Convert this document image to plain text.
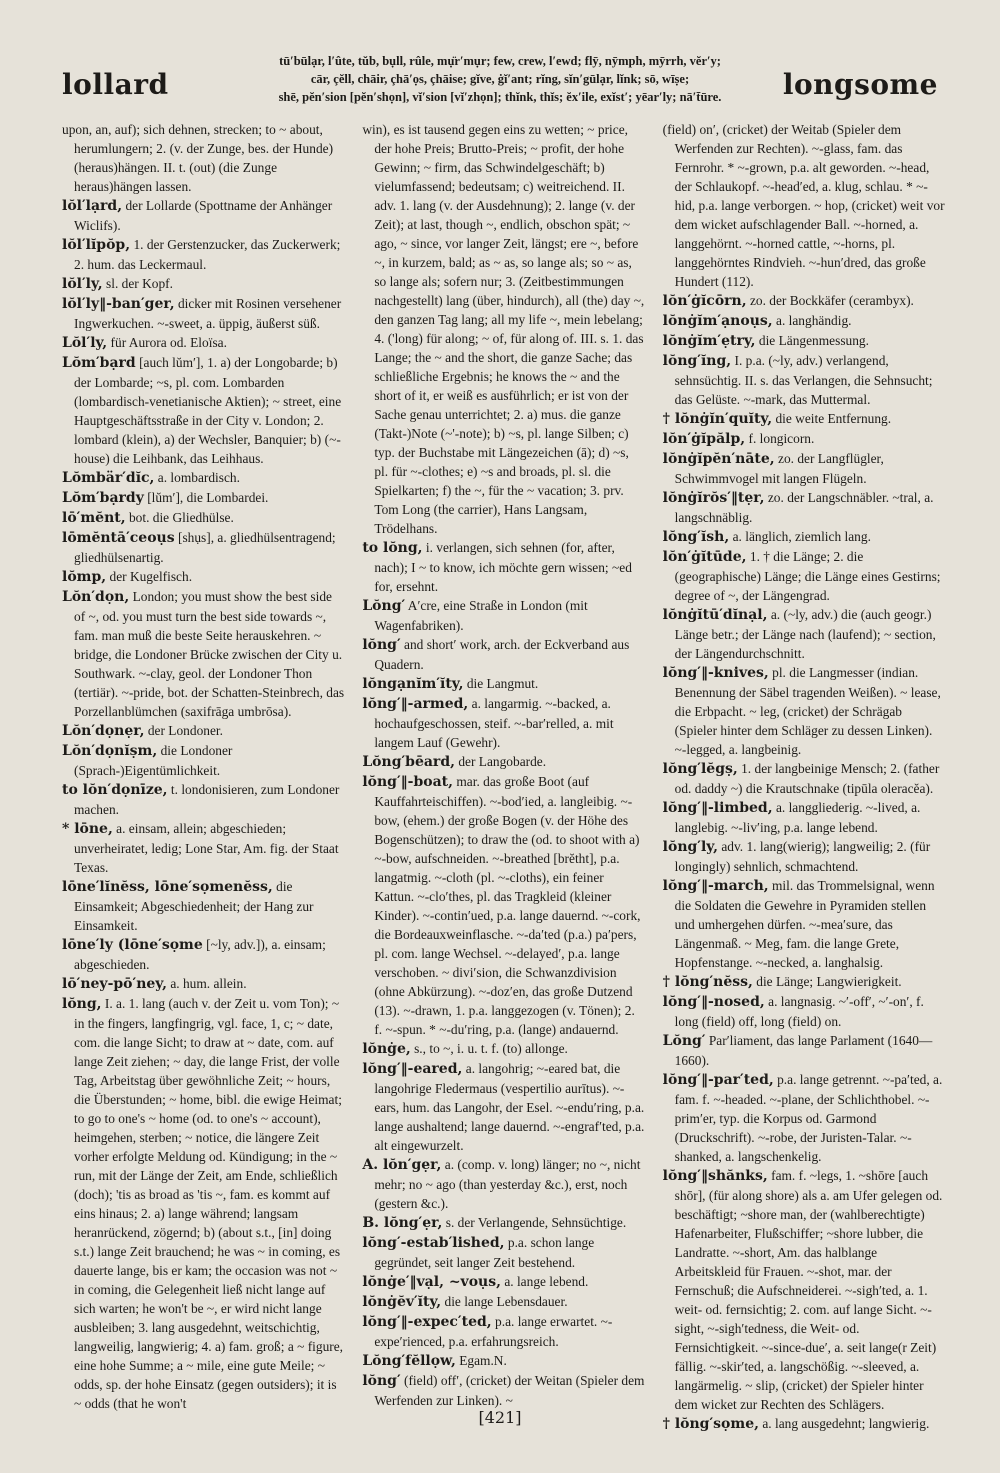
lollard
tū′būlạr, l′ûte, tŭb, bụll, rûle, mụ̈r′mụr; few, crew, l′ewd; flȳ, nȳmph, mȳrrh, vĕr′y;
cār, çĕll, chāir, çhā′ọs, çhāise; gĭve, ġĭ′ant; rĭng, sĭn′gūlạr, lĭnk; sō, wīṣe;
shē, pĕn′sion [pĕn′shọn], vĭ′sion [vĭ′zhọn]; thĭnk, thĭs; ĕx′ile, exĭst′; yēar′ly; nā′t̄ūre.	longsome

upon, an, auf); sich dehnen, strecken; to ~ about, herumlungern; 2. (v. der Zunge, bes. der Hunde) (heraus)hängen. II. t. (out) (die Zunge heraus)hängen lassen.

lŏl′lạrd, der Lollarde (Spottname der Anhänger Wiclifs).

lŏl′lĭpŏp, 1. der Gerstenzucker, das Zuckerwerk; 2. hum. das Leckermaul.

lŏl′ly, sl. der Kopf.

lŏl′ly‖-ban′ger, dicker mit Rosinen versehener Ingwerkuchen. ~-sweet, a. üppig, äußerst süß.

Lŏl′ly, für Aurora od. Eloïsa.

Lŏm′bạrd [auch lŭm′], 1. a) der Longobarde; b) der Lombarde; ~s, pl. com. Lombarden (lombardisch-venetianische Aktien); ~ street, eine Hauptgeschäftsstraße in der City v. London; 2. lombard (klein), a) der Wechsler, Banquier; b) (~-house) die Leihbank, das Leihhaus.

Lŏmbär′dĭc, a. lombardisch.

Lŏm′bạrdy [lŭm′], die Lombardei.

lō′mĕnt, bot. die Gliedhülse.

lōmĕntā′ceoụs [shụs], a. gliedhülsentragend; gliedhülsenartig.

lŏmp, der Kugelfisch.

Lŏn′dọn, London; you must show the best side of ~, od. you must turn the best side towards ~, fam. man muß die beste Seite herauskehren. ~ bridge, die Londoner Brücke zwischen der City u. Southwark. ~-clay, geol. der Londoner Thon (tertiär). ~-pride, bot. der Schatten-Steinbrech, das Porzellanblümchen (saxifrāga umbrōsa).

Lŏn′dọnẹr, der Londoner.

Lŏn′dọnĭṣm, die Londoner (Sprach-)Eigentümlichkeit.

to lŏn′dọnīze, t. londonisieren, zum Londoner machen.

* lōne, a. einsam, allein; abgeschieden; unverheiratet, ledig; Lone Star, Am. fig. der Staat Texas.

lōne′lĭnĕss, lōne′sọmenĕss, die Einsamkeit; Abgeschiedenheit; der Hang zur Einsamkeit.

lōne′ly (lōne′sọme [~ly, adv.]), a. einsam; abgeschieden.

lō′ney-pō′ney, a. hum. allein.

lŏng, I. a. 1. lang (auch v. der Zeit u. vom Ton); ~ in the fingers, langfingrig, vgl. face, 1, c; ~ date, com. die lange Sicht; to draw at ~ date, com. auf lange Zeit ziehen; ~ day, die lange Frist, der volle Tag, Arbeitstag über gewöhnliche Zeit; ~ hours, die Überstunden; ~ home, bibl. die ewige Heimat; to go to one's ~ home (od. to one's ~ account), heimgehen, sterben; ~ notice, die längere Zeit vorher erfolgte Meldung od. Kündigung; in the ~ run, mit der Länge der Zeit, am Ende, schließlich (doch); 'tis as broad as 'tis ~, fam. es kommt auf eins hinaus; 2. a) lange während; langsam heranrückend, zögernd; b) (about s.t., [in] doing s.t.) lange Zeit brauchend; he was ~ in coming, es dauerte lange, bis er kam; the occasion was not ~ in coming, die Gelegenheit ließ nicht lange auf sich warten; he won't be ~, er wird nicht lange ausbleiben; 3. lang ausgedehnt, weitschichtig, langweilig, langwierig; 4. a) fam. groß; a ~ figure, eine hohe Summe; a ~ mile, eine gute Meile; ~ odds, sp. der hohe Einsatz (gegen outsiders); it is ~ odds (that he won't

win), es ist tausend gegen eins zu wetten; ~ price, der hohe Preis; Brutto-Preis; ~ profit, der hohe Gewinn; ~ firm, das Schwindelgeschäft; b) vielumfassend; bedeutsam; c) weitreichend. II. adv. 1. lang (v. der Ausdehnung); 2. lange (v. der Zeit); at last, though ~, endlich, obschon spät; ~ ago, ~ since, vor langer Zeit, längst; ere ~, before ~, in kurzem, bald; as ~ as, so lange als; so ~ as, so lange als; sofern nur; 3. (Zeitbestimmungen nachgestellt) lang (über, hindurch), all (the) day ~, den ganzen Tag lang; all my life ~, mein lebelang; 4. ('long) für along; ~ of, für along of. III. s. 1. das Lange; the ~ and the short, die ganze Sache; das schließliche Ergebnis; he knows the ~ and the short of it, er weiß es ausführlich; er ist von der Sache genau unterrichtet; 2. a) mus. die ganze (Takt-)Note (~'-note); b) ~s, pl. lange Silben; c) typ. der Buchstabe mit Längezeichen (ā); d) ~s, pl. für ~-clothes; e) ~s and broads, pl. sl. die Spielkarten; f) the ~, für the ~ vacation; 3. prv. Tom Long (the carrier), Hans Langsam, Trödelhans.

to lŏng, i. verlangen, sich sehnen (for, after, nach); I ~ to know, ich möchte gern wissen; ~ed for, ersehnt.

Lŏng′ A′cre, eine Straße in London (mit Wagenfabriken).

lŏng′ and short′ work, arch. der Eckverband aus Quadern.

lŏngạnĭm′ĭty, die Langmut.

lŏng′‖-armed, a. langarmig. ~-backed, a. hochaufgeschossen, steif. ~-bar′relled, a. mit langem Lauf (Gewehr).

Lŏng′bēard, der Langobarde.

lŏng′‖-boat, mar. das große Boot (auf Kauffahrteischiffen). ~-bod′ied, a. langleibig. ~-bow, (ehem.) der große Bogen (v. der Höhe des Bogenschützen); to draw the (od. to shoot with a) ~-bow, aufschneiden. ~-breathed [brĕtht], p.a. langatmig. ~-cloth (pl. ~-cloths), ein feiner Kattun. ~-clo′thes, pl. das Tragkleid (kleiner Kinder). ~-contin′ued, p.a. lange dauernd. ~-cork, die Bordeauxweinflasche. ~-da′ted (p.a.) pa′pers, pl. com. lange Wechsel. ~-delayed′, p.a. lange verschoben. ~ divi′sion, die Schwanzdivision (ohne Abkürzung). ~-doz′en, das große Dutzend (13). ~-drawn, 1. p.a. langgezogen (v. Tönen); 2. f. ~-spun. * ~-du′ring, p.a. (lange) andauernd.

lŏnġe, s., to ~, i. u. t. f. (to) allonge.

lŏng′‖-eared, a. langohrig; ~-eared bat, die langohrige Fledermaus (vespertilio aurītus). ~-ears, hum. das Langohr, der Esel. ~-endu′ring, p.a. lange aushaltend; lange dauernd. ~-engraf′ted, p.a. alt eingewurzelt.

A. lŏn′gẹr, a. (comp. v. long) länger; no ~, nicht mehr; no ~ ago (than yesterday &c.), erst, noch (gestern &c.).

B. lŏng′ẹr, s. der Verlangende, Sehnsüchtige.

lŏng′-estab′lished, p.a. schon lange gegründet, seit langer Zeit bestehend.

lŏnġe′‖vạl, ~voụs, a. lange lebend.

lŏnġĕv′ĭty, die lange Lebensdauer.

lŏng′‖-expec′ted, p.a. lange erwartet. ~-expe′rienced, p.a. erfahrungsreich.

Lŏng′fĕllọw, Egam.N.

lŏng′ (field) off′, (cricket) der Weitan (Spieler dem Werfenden zur Linken). ~

(field) on′, (cricket) der Weitab (Spieler dem Werfenden zur Rechten). ~-glass, fam. das Fernrohr. * ~-grown, p.a. alt geworden. ~-head, der Schlaukopf. ~-head′ed, a. klug, schlau. * ~-hid, p.a. lange verborgen. ~ hop, (cricket) weit vor dem wicket aufschlagender Ball. ~-horned, a. langgehörnt. ~-horned cattle, ~-horns, pl. langgehörntes Rindvieh. ~-hun′dred, das große Hundert (112).

lŏn′ġĭcōrn, zo. der Bockkäfer (cerambyx).

lŏnġĭm′ạnoụs, a. langhändig.

lŏnġĭm′ẹtry, die Längenmessung.

lŏng′ĭng, I. p.a. (~ly, adv.) verlangend, sehnsüchtig. II. s. das Verlangen, die Sehnsucht; das Gelüste. ~-mark, das Muttermal.

† lŏnġĭn′quĭty, die weite Entfernung.

lŏn′ġĭpălp, f. longicorn.

lŏnġĭpĕn′nāte, zo. der Langflügler, Schwimmvogel mit langen Flügeln.

lŏnġĭrŏs′‖tẹr, zo. der Langschnäbler. ~tral, a. langschnäblig.

lŏng′ĭsh, a. länglich, ziemlich lang.

lŏn′ġĭtūde, 1. † die Länge; 2. die (geographische) Länge; die Länge eines Gestirns; degree of ~, der Längengrad.

lŏnġĭtū′dĭnạl, a. (~ly, adv.) die (auch geogr.) Länge betr.; der Länge nach (laufend); ~ section, der Längendurchschnitt.

lŏng′‖-knives, pl. die Langmesser (indian. Benennung der Säbel tragenden Weißen). ~ lease, die Erbpacht. ~ leg, (cricket) der Schrägab (Spieler hinter dem Schläger zu dessen Linken). ~-legged, a. langbeinig.

lŏng′lĕgṣ, 1. der langbeinige Mensch; 2. (father od. daddy ~) die Krautschnake (tipūla oleracĕa).

lŏng′‖-limbed, a. langgliederig. ~-lived, a. langlebig. ~-liv′ing, p.a. lange lebend.

lŏng′ly, adv. 1. lang(wierig); langweilig; 2. (für longingly) sehnlich, schmachtend.

lŏng′‖-march, mil. das Trommelsignal, wenn die Soldaten die Gewehre in Pyramiden stellen und umhergehen dürfen. ~-mea′sure, das Längenmaß. ~ Meg, fam. die lange Grete, Hopfenstange. ~-necked, a. langhalsig.

† lŏng′nĕss, die Länge; Langwierigkeit.

lŏng′‖-nosed, a. langnasig. ~′-off′, ~′-on′, f. long (field) off, long (field) on.

Lŏng′ Par′liament, das lange Parlament (1640—1660).

lŏng′‖-par′ted, p.a. lange getrennt. ~-pa′ted, a. fam. f. ~-headed. ~-plane, der Schlichthobel. ~-prim′er, typ. die Korpus od. Garmond (Druckschrift). ~-robe, der Juristen-Talar. ~-shanked, a. langschenkelig.

lŏng′‖shănks, fam. f. ~legs, 1. ~shōre [auch shōr], (für along shore) als a. am Ufer gelegen od. beschäftigt; ~shore man, der (wahlberechtigte) Hafenarbeiter, Flußschiffer; ~shore lubber, die Landratte. ~-short, Am. das halblange Arbeitskleid für Frauen. ~-shot, mar. der Fernschuß; die Aufschneiderei. ~-sigh′ted, a. 1. weit- od. fernsichtig; 2. com. auf lange Sicht. ~-sight, ~-sigh′tedness, die Weit- od. Fernsichtigkeit. ~-since-due′, a. seit lange(r Zeit) fällig. ~-skir′ted, a. langschößig. ~-sleeved, a. langärmelig. ~ slip, (cricket) der Spieler hinter dem wicket zur Rechten des Schlägers.

† lŏng′sọme, a. lang ausgedehnt; langwierig.

[421]
